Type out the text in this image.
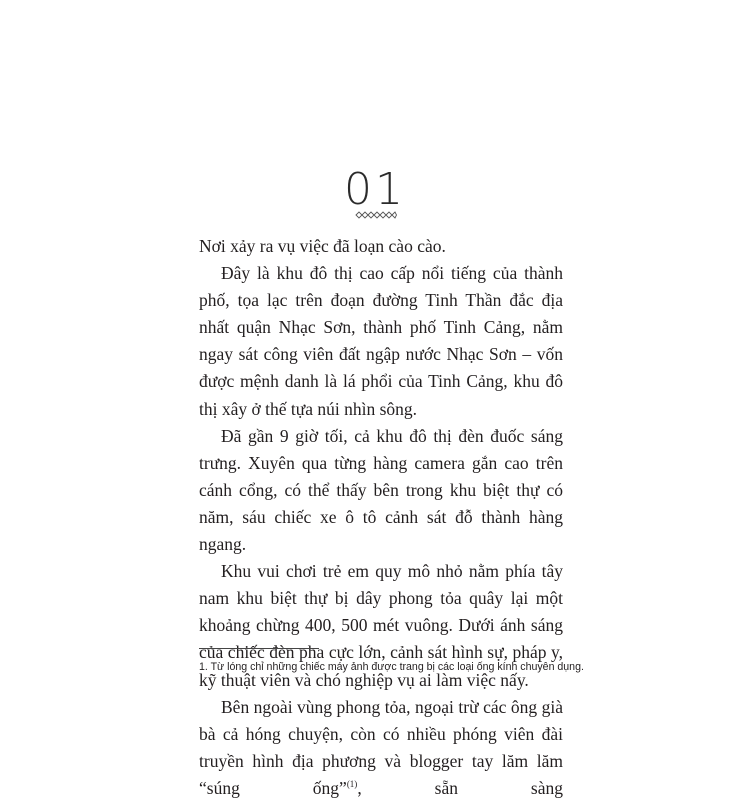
01

Nơi xảy ra vụ việc đã loạn cào cào.

Đây là khu đô thị cao cấp nổi tiếng của thành phố, tọa lạc trên đoạn đường Tinh Thần đắc địa nhất quận Nhạc Sơn, thành phố Tinh Cảng, nằm ngay sát công viên đất ngập nước Nhạc Sơn – vốn được mệnh danh là lá phổi của Tinh Cảng, khu đô thị xây ở thế tựa núi nhìn sông.

Đã gần 9 giờ tối, cả khu đô thị đèn đuốc sáng trưng. Xuyên qua từng hàng camera gắn cao trên cánh cổng, có thể thấy bên trong khu biệt thự có năm, sáu chiếc xe ô tô cảnh sát đỗ thành hàng ngang.

Khu vui chơi trẻ em quy mô nhỏ nằm phía tây nam khu biệt thự bị dây phong tỏa quây lại một khoảng chừng 400, 500 mét vuông. Dưới ánh sáng của chiếc đèn pha cực lớn, cảnh sát hình sự, pháp y, kỹ thuật viên và chó nghiệp vụ ai làm việc nấy.

Bên ngoài vùng phong tỏa, ngoại trừ các ông già bà cả hóng chuyện, còn có nhiều phóng viên đài truyền hình địa phương và blogger tay lăm lăm “súng ống”$^{(1)}$, sẵn sàng

1. Từ lóng chỉ những chiếc máy ảnh được trang bị các loại ống kính chuyên dụng.
